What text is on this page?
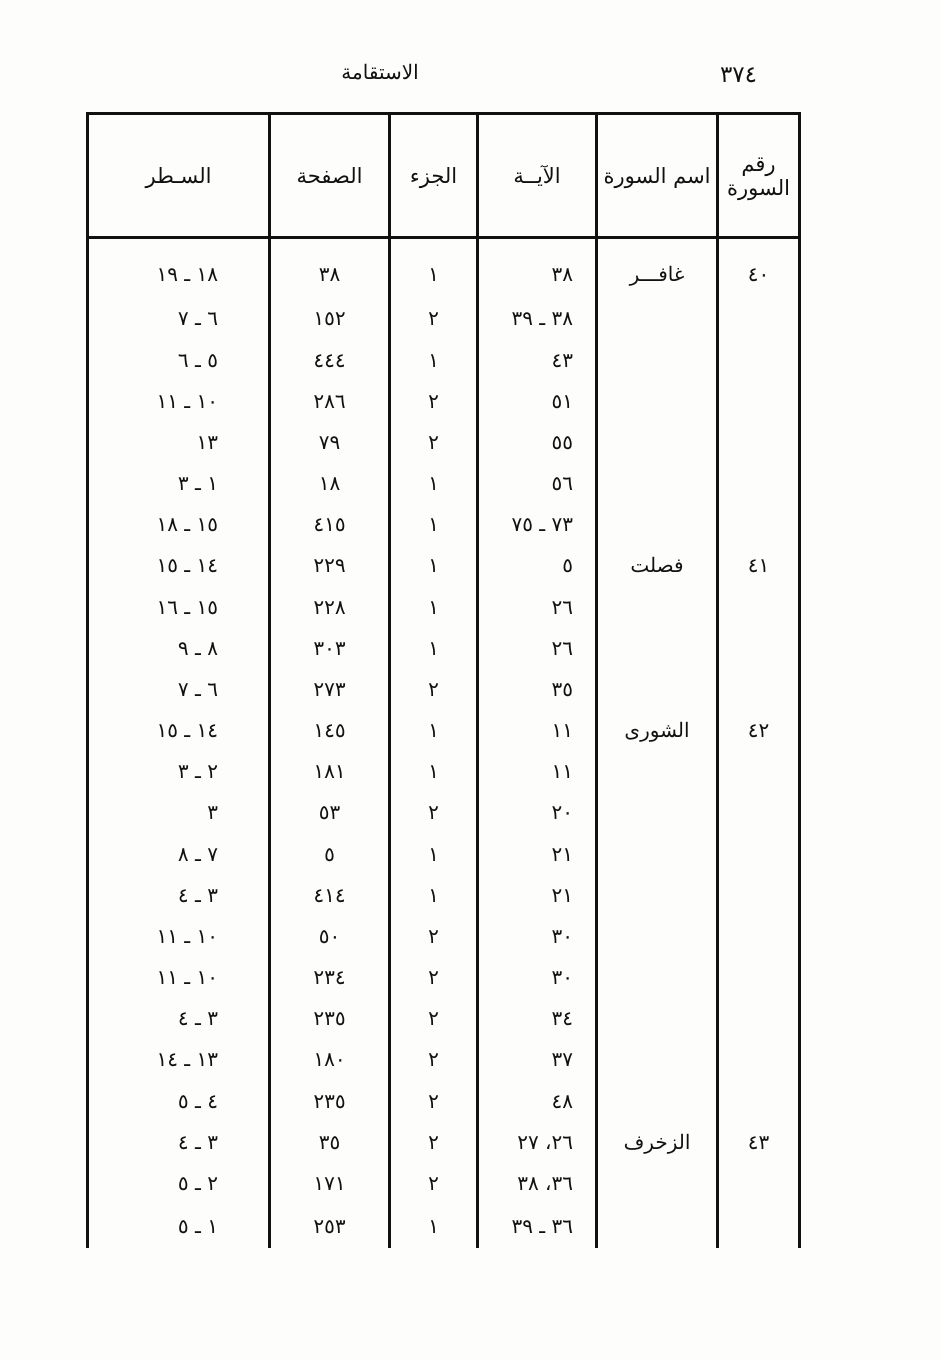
٣٧٤
الاستقامة
رقم
السورة	اسم السورة	الآيــة	الجزء	الصفحة	السـطر
٤٠	غافـــر	٣٨	١	٣٨	١٨ ـ ١٩
		٣٨ ـ ٣٩	٢	١٥٢	٦ ـ ٧
		٤٣	١	٤٤٤	٥ ـ ٦
		٥١	٢	٢٨٦	١٠ ـ ١١
		٥٥	٢	٧٩	١٣
		٥٦	١	١٨	١ ـ ٣
		٧٣ ـ ٧٥	١	٤١٥	١٥ ـ ١٨
٤١	فصلت	٥	١	٢٢٩	١٤ ـ ١٥
		٢٦	١	٢٢٨	١٥ ـ ١٦
		٢٦	١	٣٠٣	٨ ـ ٩
		٣٥	٢	٢٧٣	٦ ـ ٧
٤٢	الشورى	١١	١	١٤٥	١٤ ـ ١٥
		١١	١	١٨١	٢ ـ ٣
		٢٠	٢	٥٣	٣
		٢١	١	٥	٧ ـ ٨
		٢١	١	٤١٤	٣ ـ ٤
		٣٠	٢	٥٠	١٠ ـ ١١
		٣٠	٢	٢٣٤	١٠ ـ ١١
		٣٤	٢	٢٣٥	٣ ـ ٤
		٣٧	٢	١٨٠	١٣ ـ ١٤
		٤٨	٢	٢٣٥	٤ ـ ٥
٤٣	الزخرف	٢٦، ٢٧	٢	٣٥	٣ ـ ٤
		٣٦، ٣٨	٢	١٧١	٢ ـ ٥
		٣٦ ـ ٣٩	١	٢٥٣	١ ـ ٥
